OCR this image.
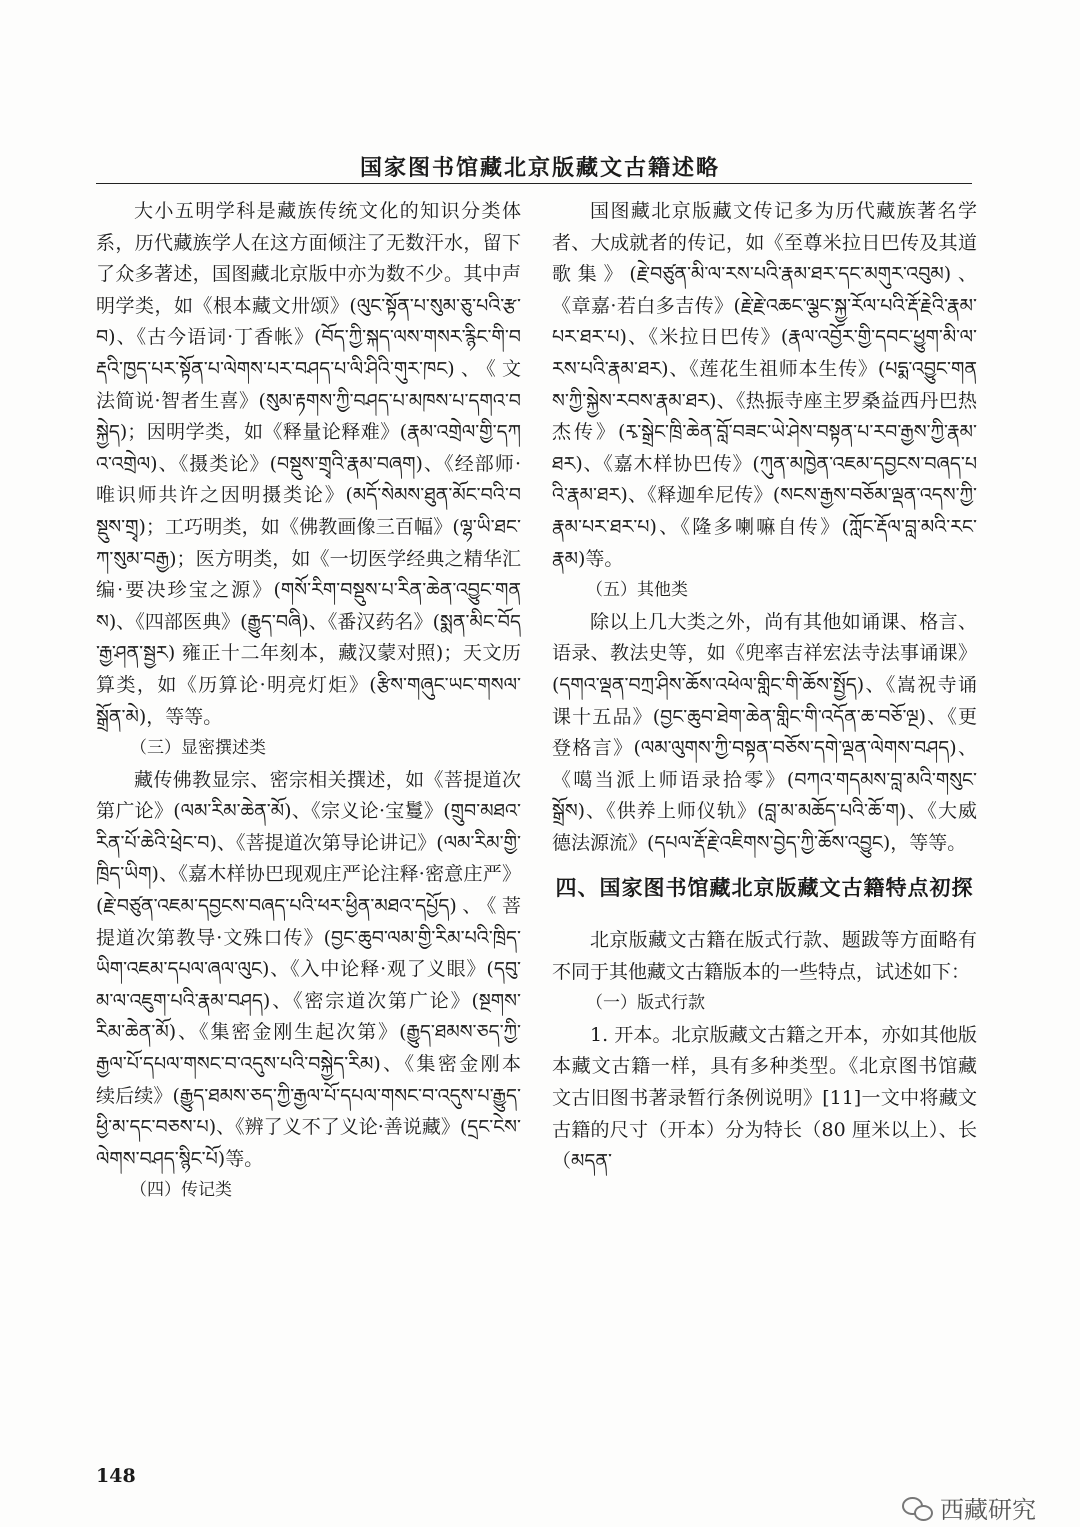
国家图书馆藏北京版藏文古籍述略

大小五明学科是藏族传统文化的知识分类体系，历代藏族学人在这方面倾注了无数汗水，留下了众多著述，国图藏北京版中亦为数不少。其中声明学类，如《根本藏文卅颂》(ལུང་སྟོན་པ་སུམ་ཅུ་པའི་རྩ་བ)、《古今语词·丁香帐》(བོད་ཀྱི་སྐད་ལས་གསར་རྙིང་གི་བརྡའི་ཁྱད་པར་སྟོན་པ་ལེགས་པར་བཤད་པ་ལི་ཤིའི་གུར་ཁང)、《文法简说·智者生喜》(སུམ་རྟགས་ཀྱི་བཤད་པ་མཁས་པ་དགའ་བསྐྱེད)；因明学类，如《释量论释难》(རྣམ་འགྲེལ་གྱི་དཀའ་འགྲེལ)、《摄类论》(བསྡུས་གྲྭའི་རྣམ་བཞག)、《经部师·唯识师共许之因明摄类论》(མདོ་སེམས་ཐུན་མོང་བའི་བསྡུས་གྲྭ)；工巧明类，如《佛教画像三百幅》(ལྷ་ཡི་ཐང་ཀ་སུམ་བརྒྱ)；医方明类，如《一切医学经典之精华汇编·要决珍宝之源》(གསོ་རིག་བསྡུས་པ་རིན་ཆེན་འབྱུང་གནས)、《四部医典》(རྒྱུད་བཞི)、《番汉药名》(སྨན་མིང་བོད་རྒྱ་ཤན་སྦྱར) 雍正十二年刻本，藏汉蒙对照)；天文历算类，如《历算论·明亮灯炬》(རྩིས་གཞུང་ཡང་གསལ་སྒྲོན་མེ)，等等。

（三）显密撰述类

藏传佛教显宗、密宗相关撰述，如《菩提道次第广论》(ལམ་རིམ་ཆེན་མོ)、《宗义论·宝鬘》(གྲུབ་མཐའ་རིན་པོ་ཆེའི་ཕྲེང་བ)、《菩提道次第导论讲记》(ལམ་རིམ་གྱི་ཁྲིད་ཡིག)、《嘉木样协巴现观庄严论注释·密意庄严》(རྗེ་བཙུན་འཇམ་དབྱངས་བཞད་པའི་ཕར་ཕྱིན་མཐའ་དཔྱོད)、《菩提道次第教导·文殊口传》(བྱང་ཆུབ་ལམ་གྱི་རིམ་པའི་ཁྲིད་ཡིག་འཇམ་དཔལ་ཞལ་ལུང)、《入中论释·观了义眼》(དབུ་མ་ལ་འཇུག་པའི་རྣམ་བཤད)、《密宗道次第广论》(སྔགས་རིམ་ཆེན་མོ)、《集密金刚生起次第》(རྒྱུད་ཐམས་ཅད་ཀྱི་རྒྱལ་པོ་དཔལ་གསང་བ་འདུས་པའི་བསྐྱེད་རིམ)、《集密金刚本续后续》(རྒྱུད་ཐམས་ཅད་ཀྱི་རྒྱལ་པོ་དཔལ་གསང་བ་འདུས་པ་རྒྱུད་ཕྱི་མ་དང་བཅས་པ)、《辨了义不了义论·善说藏》(དྲང་ངེས་ལེགས་བཤད་སྙིང་པོ)等。

（四）传记类

国图藏北京版藏文传记多为历代藏族著名学者、大成就者的传记，如《至尊米拉日巴传及其道歌集》(རྗེ་བཙུན་མི་ལ་རས་པའི་རྣམ་ཐར་དང་མགུར་འབུམ)、《章嘉·若白多吉传》(རྗེ་རྗེ་འཆང་ལྕང་སྐྱ་རོལ་པའི་རྡོ་རྗེའི་རྣམ་པར་ཐར་པ)、《米拉日巴传》(རྣལ་འབྱོར་གྱི་དབང་ཕྱུག་མི་ལ་རས་པའི་རྣམ་ཐར)、《莲花生祖师本生传》(པདྨ་འབྱུང་གནས་ཀྱི་སྐྱེས་རབས་རྣམ་ཐར)、《热振寺座主罗桑益西丹巴热杰传》(རྭ་སྒྲེང་ཁྲི་ཆེན་བློ་བཟང་ཡེ་ཤེས་བསྟན་པ་རབ་རྒྱས་ཀྱི་རྣམ་ཐར)、《嘉木样协巴传》(ཀུན་མཁྱེན་འཇམ་དབྱངས་བཞད་པའི་རྣམ་ཐར)、《释迦牟尼传》(སངས་རྒྱས་བཅོམ་ལྡན་འདས་ཀྱི་རྣམ་པར་ཐར་པ)、《隆多喇嘛自传》(ཀློང་རྡོལ་བླ་མའི་རང་རྣམ)等。

（五）其他类

除以上几大类之外，尚有其他如诵课、格言、语录、教法史等，如《兜率吉祥宏法寺法事诵课》(དགའ་ལྡན་བཀྲ་ཤིས་ཆོས་འཕེལ་གླིང་གི་ཆོས་སྤྱོད)、《嵩祝寺诵课十五品》(བྱང་ཆུབ་ཐེག་ཆེན་གླིང་གི་འདོན་ཆ་བཅོ་ལྔ)、《更登格言》(ལམ་ལུགས་ཀྱི་བསྟན་བཅོས་དགེ་ལྡན་ལེགས་བཤད)、《噶当派上师语录拾零》(བཀའ་གདམས་བླ་མའི་གསུང་སྒྲོས)、《供养上师仪轨》(བླ་མ་མཆོད་པའི་ཆོ་ག)、《大威德法源流》(དཔལ་རྡོ་རྗེ་འཇིགས་བྱེད་ཀྱི་ཆོས་འབྱུང)，等等。

四、国家图书馆藏北京版藏文古籍特点初探

北京版藏文古籍在版式行款、题跋等方面略有不同于其他藏文古籍版本的一些特点，试述如下：

（一）版式行款

1. 开本。北京版藏文古籍之开本，亦如其他版本藏文古籍一样，具有多种类型。《北京图书馆藏文古旧图书著录暂行条例说明》[11]一文中将藏文古籍的尺寸（开本）分为特长（80 厘米以上）、长（མདན་

148
西藏研究
